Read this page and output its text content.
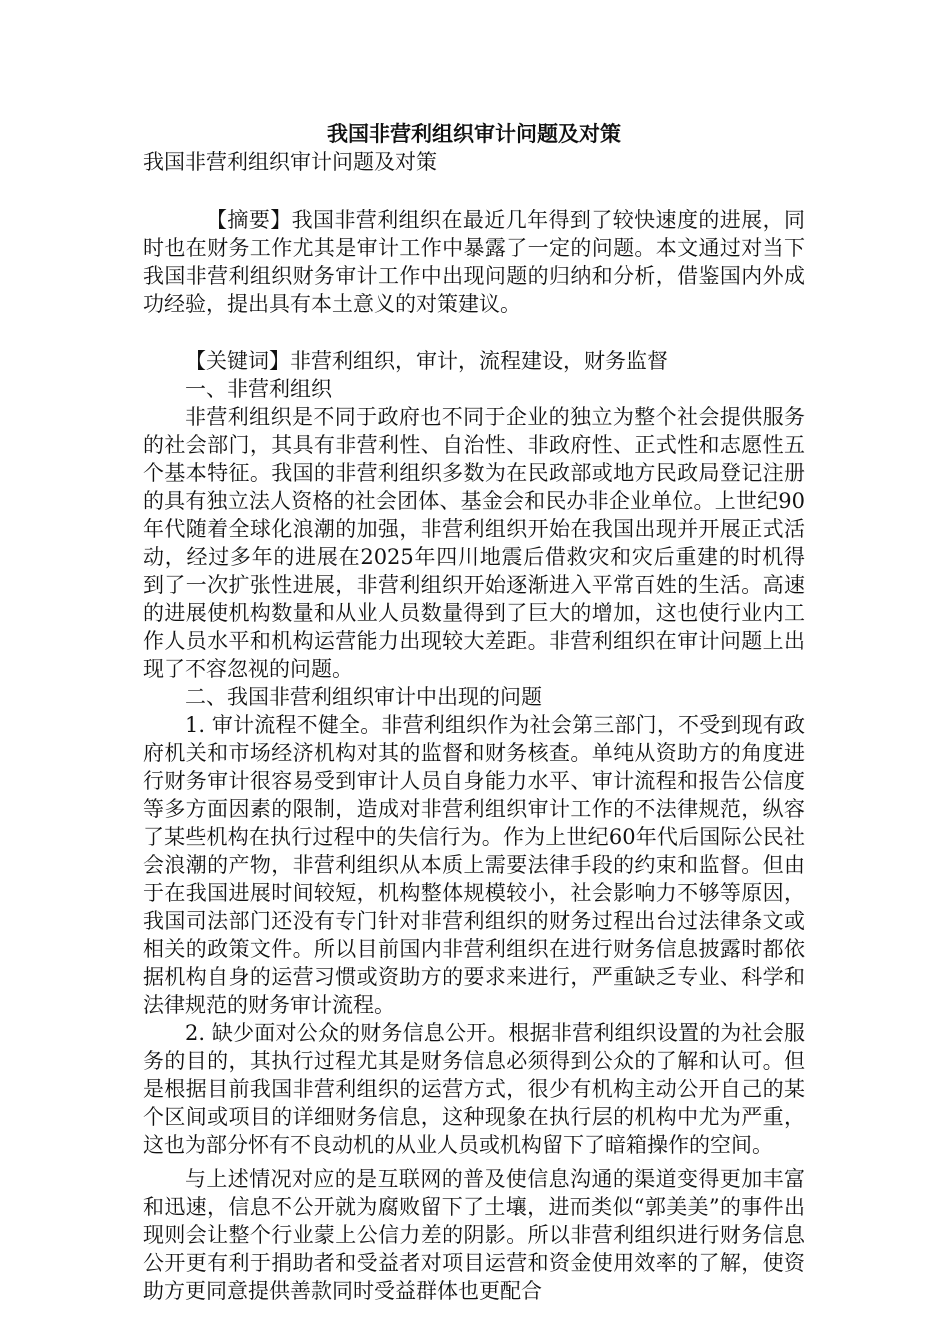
我国非营利组织审计问题及对策

我国非营利组织审计问题及对策

【摘要】我国非营利组织在最近几年得到了较快速度的进展，同时也在财务工作尤其是审计工作中暴露了一定的问题。本文通过对当下我国非营利组织财务审计工作中出现问题的归纳和分析，借鉴国内外成功经验，提出具有本土意义的对策建议。

【关键词】非营利组织，审计，流程建设，财务监督

一、非营利组织

非营利组织是不同于政府也不同于企业的独立为整个社会提供服务的社会部门，其具有非营利性、自治性、非政府性、正式性和志愿性五个基本特征。我国的非营利组织多数为在民政部或地方民政局登记注册的具有独立法人资格的社会团体、基金会和民办非企业单位。上世纪90年代随着全球化浪潮的加强，非营利组织开始在我国出现并开展正式活动，经过多年的进展在2025年四川地震后借救灾和灾后重建的时机得到了一次扩张性进展，非营利组织开始逐渐进入平常百姓的生活。高速的进展使机构数量和从业人员数量得到了巨大的增加，这也使行业内工作人员水平和机构运营能力出现较大差距。非营利组织在审计问题上出现了不容忽视的问题。

二、我国非营利组织审计中出现的问题

1. 审计流程不健全。非营利组织作为社会第三部门，不受到现有政府机关和市场经济机构对其的监督和财务核查。单纯从资助方的角度进行财务审计很容易受到审计人员自身能力水平、审计流程和报告公信度等多方面因素的限制，造成对非营利组织审计工作的不法律规范，纵容了某些机构在执行过程中的失信行为。作为上世纪60年代后国际公民社会浪潮的产物，非营利组织从本质上需要法律手段的约束和监督。但由于在我国进展时间较短，机构整体规模较小，社会影响力不够等原因，我国司法部门还没有专门针对非营利组织的财务过程出台过法律条文或相关的政策文件。所以目前国内非营利组织在进行财务信息披露时都依据机构自身的运营习惯或资助方的要求来进行，严重缺乏专业、科学和法律规范的财务审计流程。

2. 缺少面对公众的财务信息公开。根据非营利组织设置的为社会服务的目的，其执行过程尤其是财务信息必须得到公众的了解和认可。但是根据目前我国非营利组织的运营方式，很少有机构主动公开自己的某个区间或项目的详细财务信息，这种现象在执行层的机构中尤为严重，这也为部分怀有不良动机的从业人员或机构留下了暗箱操作的空间。

与上述情况对应的是互联网的普及使信息沟通的渠道变得更加丰富和迅速，信息不公开就为腐败留下了土壤，进而类似“郭美美”的事件出现则会让整个行业蒙上公信力差的阴影。所以非营利组织进行财务信息公开更有利于捐助者和受益者对项目运营和资金使用效率的了解，使资助方更同意提供善款同时受益群体也更配合
